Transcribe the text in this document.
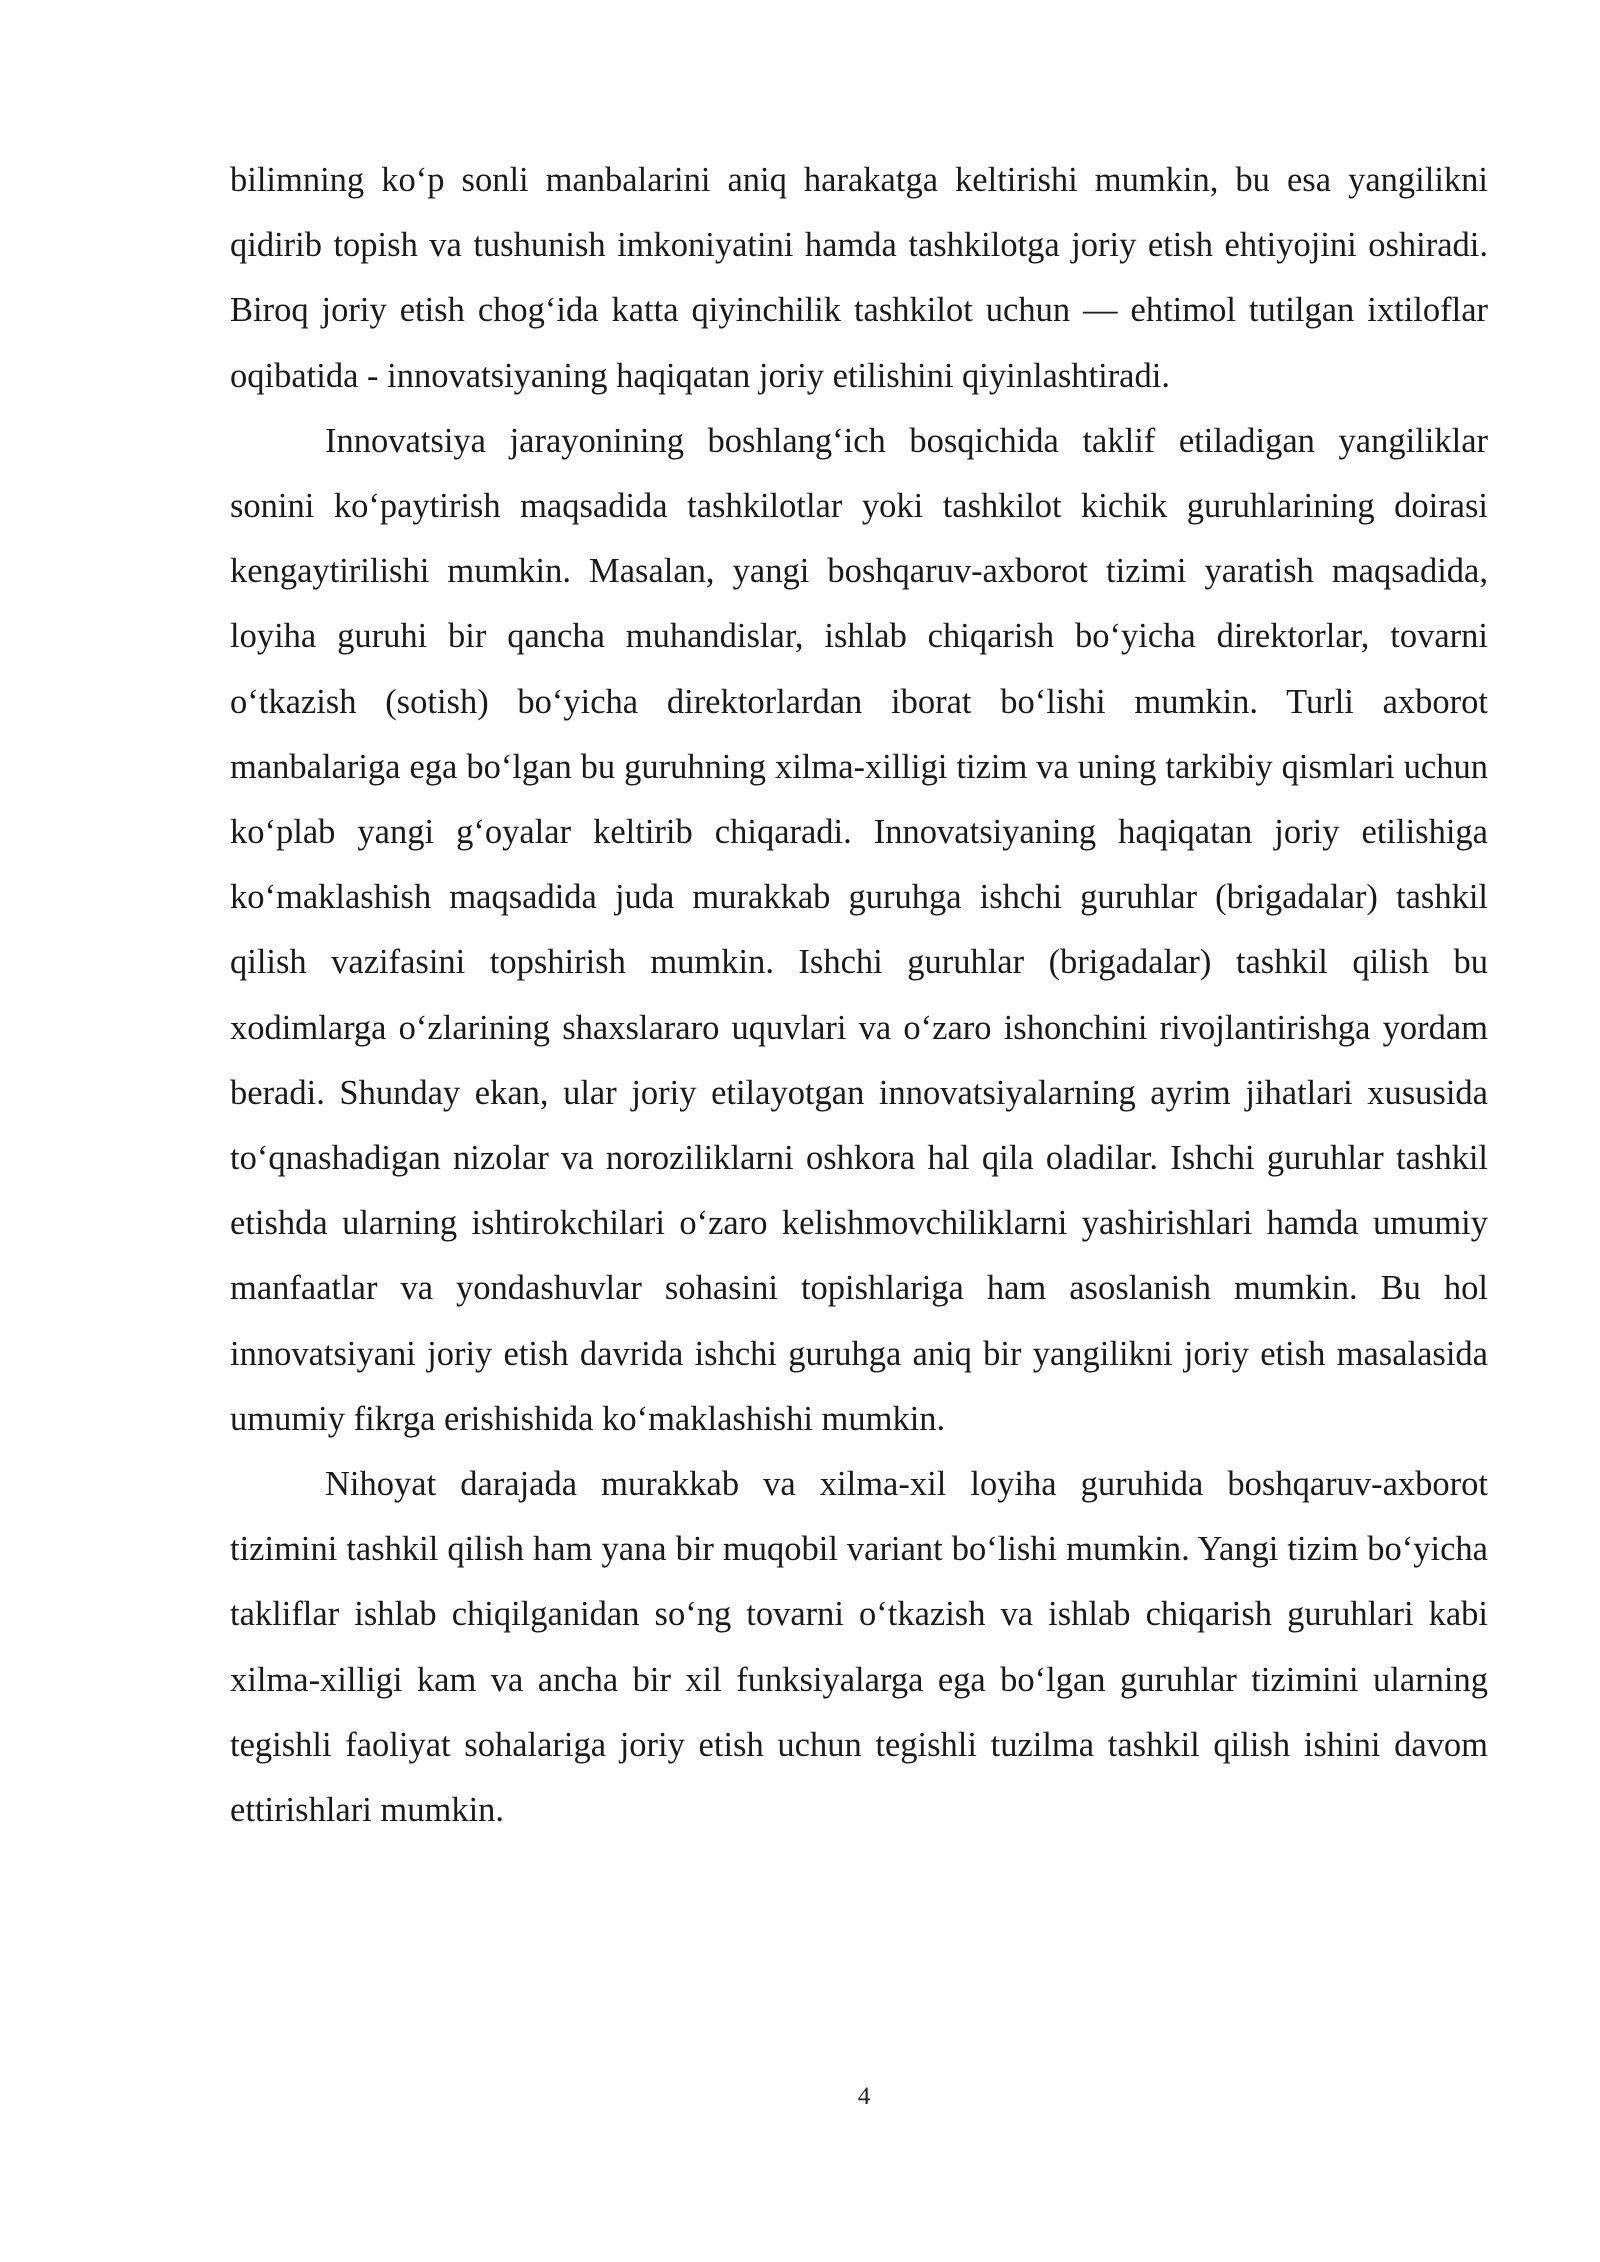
bilimning ko‘p sonli manbalarini aniq harakatga keltirishi mumkin, bu esa yangilikni qidirib topish va tushunish imkoniyatini hamda tashkilotga joriy etish ehtiyojini oshiradi. Biroq joriy etish chog‘ida katta qiyinchilik tashkilot uchun — ehtimol tutilgan ixtiloflar oqibatida - innovatsiyaning haqiqatan joriy etilishini qiyinlashtiradi.

Innovatsiya jarayonining boshlang‘ich bosqichida taklif etiladigan yangiliklar sonini ko‘paytirish maqsadida tashkilotlar yoki tashkilot kichik guruhlarining doirasi kengaytirilishi mumkin. Masalan, yangi boshqaruv-axborot tizimi yaratish maqsadida, loyiha guruhi bir qancha muhandislar, ishlab chiqarish bo‘yicha direktorlar, tovarni o‘tkazish (sotish) bo‘yicha direktorlardan iborat bo‘lishi mumkin. Turli axborot manbalariga ega bo‘lgan bu guruhning xilma-xilligi tizim va uning tarkibiy qismlari uchun ko‘plab yangi g‘oyalar keltirib chiqaradi. Innovatsiyaning haqiqatan joriy etilishiga ko‘maklashish maqsadida juda murakkab guruhga ishchi guruhlar (brigadalar) tashkil qilish vazifasini topshirish mumkin. Ishchi guruhlar (brigadalar) tashkil qilish bu xodimlarga o‘zlarining shaxslararo uquvlari va o‘zaro ishonchini rivojlantirishga yordam beradi. Shunday ekan, ular joriy etilayotgan innovatsiyalarning ayrim jihatlari xususida to‘qnashadigan nizolar va noroziliklarni oshkora hal qila oladilar. Ishchi guruhlar tashkil etishda ularning ishtirokchilari o‘zaro kelishmovchiliklarni yashirishlari hamda umumiy manfaatlar va yondashuvlar sohasini topishlariga ham asoslanish mumkin. Bu hol innovatsiyani joriy etish davrida ishchi guruhga aniq bir yangilikni joriy etish masalasida umumiy fikrga erishishida ko‘maklashishi mumkin.

Nihoyat darajada murakkab va xilma-xil loyiha guruhida boshqaruv-axborot tizimini tashkil qilish ham yana bir muqobil variant bo‘lishi mumkin. Yangi tizim bo‘yicha takliflar ishlab chiqilganidan so‘ng tovarni o‘tkazish va ishlab chiqarish guruhlari kabi xilma-xilligi kam va ancha bir xil funksiyalarga ega bo‘lgan guruhlar tizimini ularning tegishli faoliyat sohalariga joriy etish uchun tegishli tuzilma tashkil qilish ishini davom ettirishlari mumkin.

4
